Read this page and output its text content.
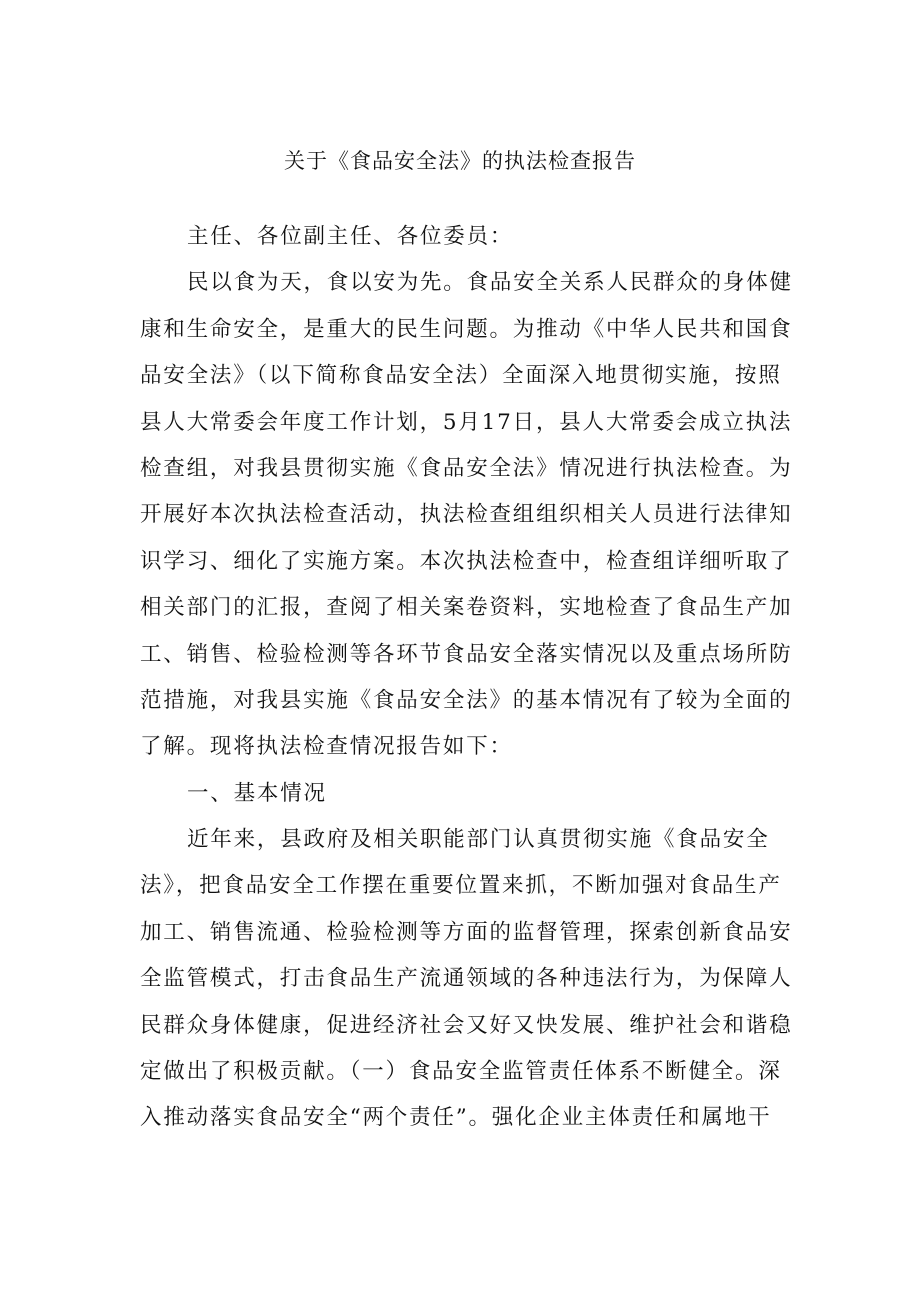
关于《食品安全法》的执法检查报告
主任、各位副主任、各位委员：
民以食为天，食以安为先。食品安全关系人民群众的身体健
康和生命安全，是重大的民生问题。为推动《中华人民共和国食
品安全法》（以下简称食品安全法）全面深入地贯彻实施，按照
县人大常委会年度工作计划，5月17日，县人大常委会成立执法
检查组，对我县贯彻实施《食品安全法》情况进行执法检查。为
开展好本次执法检查活动，执法检查组组织相关人员进行法律知
识学习、细化了实施方案。本次执法检查中，检查组详细听取了
相关部门的汇报，查阅了相关案卷资料，实地检查了食品生产加
工、销售、检验检测等各环节食品安全落实情况以及重点场所防
范措施，对我县实施《食品安全法》的基本情况有了较为全面的
了解。现将执法检查情况报告如下：
一、基本情况
近年来，县政府及相关职能部门认真贯彻实施《食品安全
法》，把食品安全工作摆在重要位置来抓，不断加强对食品生产
加工、销售流通、检验检测等方面的监督管理，探索创新食品安
全监管模式，打击食品生产流通领域的各种违法行为，为保障人
民群众身体健康，促进经济社会又好又快发展、维护社会和谐稳
定做出了积极贡献。（一）食品安全监管责任体系不断健全。深
入推动落实食品安全“两个责任”。强化企业主体责任和属地干
